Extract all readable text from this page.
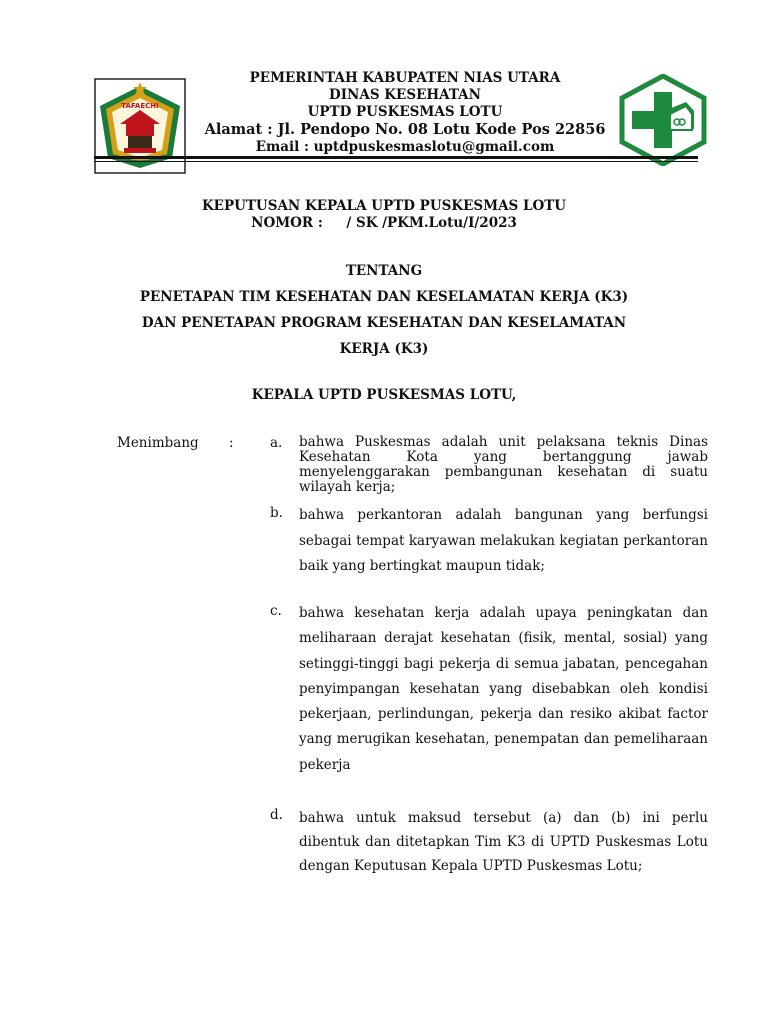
TAFAECHI
PEMERINTAH KABUPATEN NIAS UTARA
DINAS KESEHATAN
UPTD PUSKESMAS LOTU
Alamat : Jl. Pendopo No. 08 Lotu Kode Pos 22856
Email : uptdpuskesmaslotu@gmail.com
KEPUTUSAN KEPALA UPTD PUSKESMAS LOTU
NOMOR :     / SK /PKM.Lotu/I/2023
TENTANG
PENETAPAN TIM KESEHATAN DAN KESELAMATAN KERJA (K3)
DAN PENETAPAN PROGRAM KESEHATAN DAN KESELAMATAN
KERJA (K3)
KEPALA UPTD PUSKESMAS LOTU,
Menimbang :	a. bahwa Puskesmas adalah unit pelaksana teknis Dinas Kesehatan Kota yang bertanggung jawab menyelenggarakan pembangunan kesehatan di suatu wilayah kerja;

b. bahwa perkantoran adalah bangunan yang berfungsi sebagai tempat karyawan melakukan kegiatan perkantoran baik yang bertingkat maupun tidak;

c. bahwa kesehatan kerja adalah upaya peningkatan dan meliharaan derajat kesehatan (fisik, mental, sosial) yang setinggi-tinggi bagi pekerja di semua jabatan, pencegahan penyimpangan kesehatan yang disebabkan oleh kondisi pekerjaan, perlindungan, pekerja dan resiko akibat factor yang merugikan kesehatan, penempatan dan pemeliharaan pekerja

d. bahwa untuk maksud tersebut (a) dan (b) ini perlu dibentuk dan ditetapkan Tim K3 di UPTD Puskesmas Lotu dengan Keputusan Kepala UPTD Puskesmas Lotu;
